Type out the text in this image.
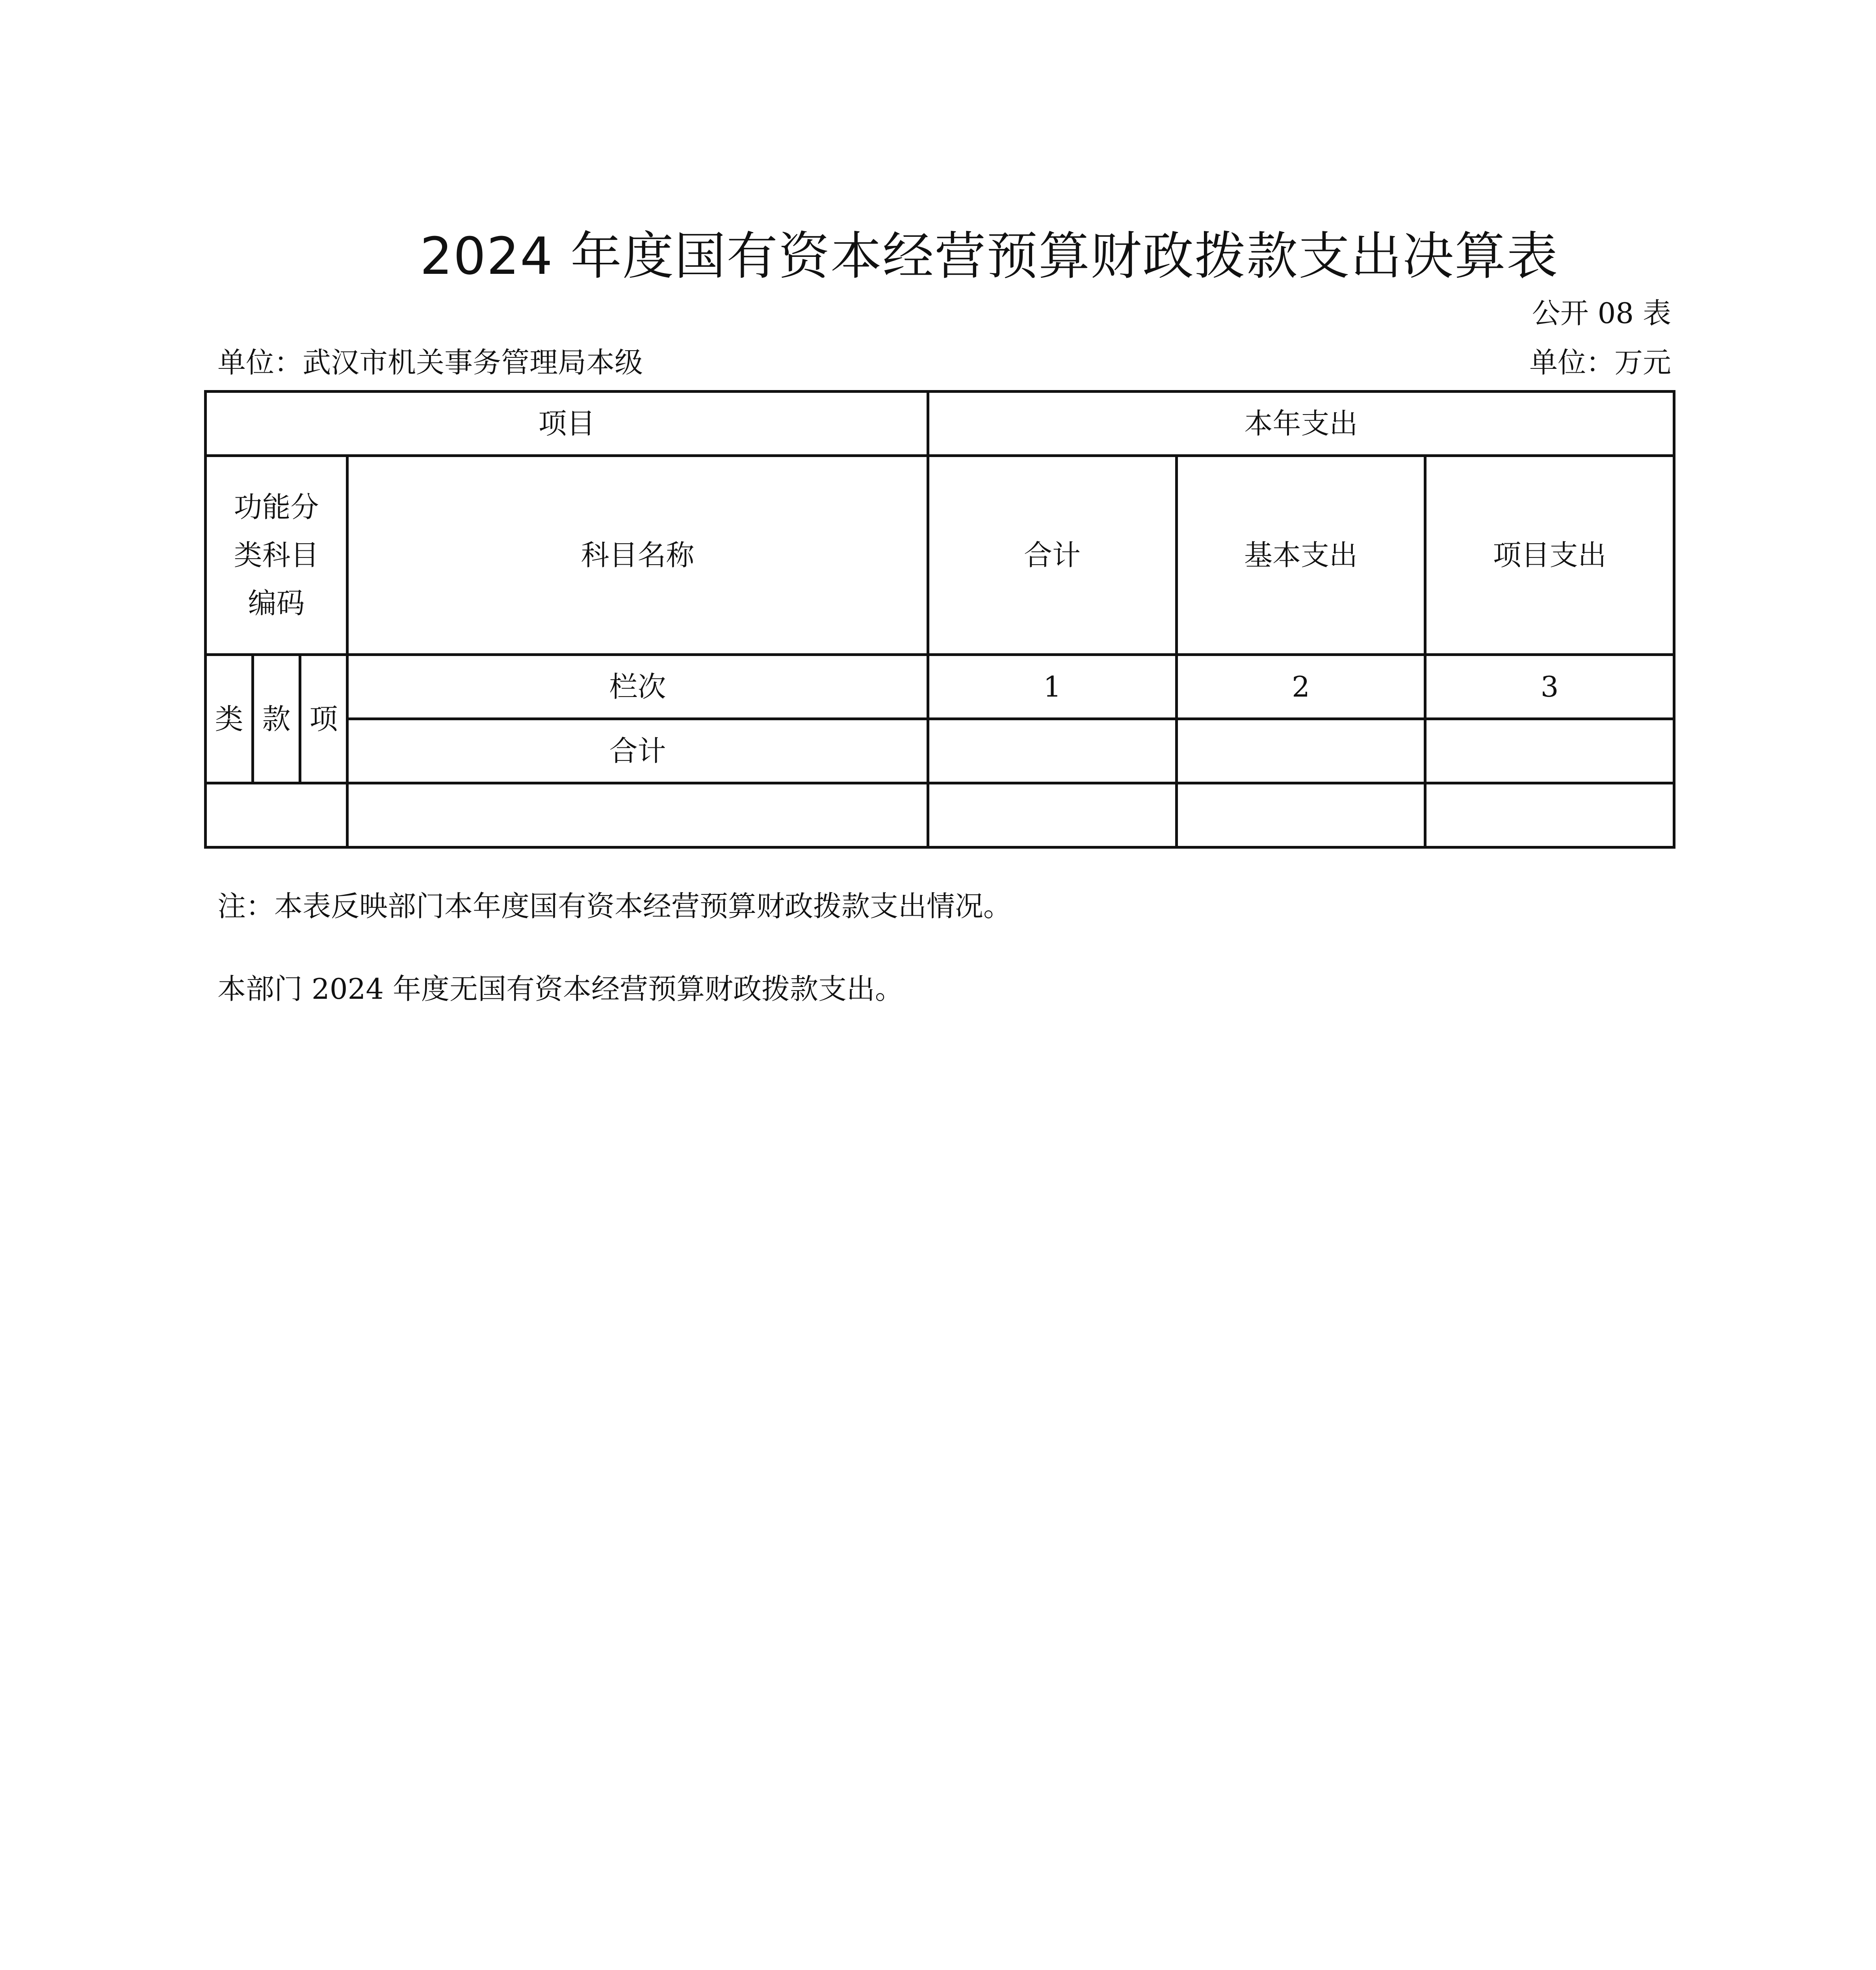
2024 年度国有资本经营预算财政拨款支出决算表
公开 08 表
单位：武汉市机关事务管理局本级	单位：万元
项目				本年支出		

功能分
类科目
编码			科目名称	合计	基本支出	项目支出
类	款	项	栏次	1	2	3
			合计			

注：本表反映部门本年度国有资本经营预算财政拨款支出情况。
本部门 2024 年度无国有资本经营预算财政拨款支出。
